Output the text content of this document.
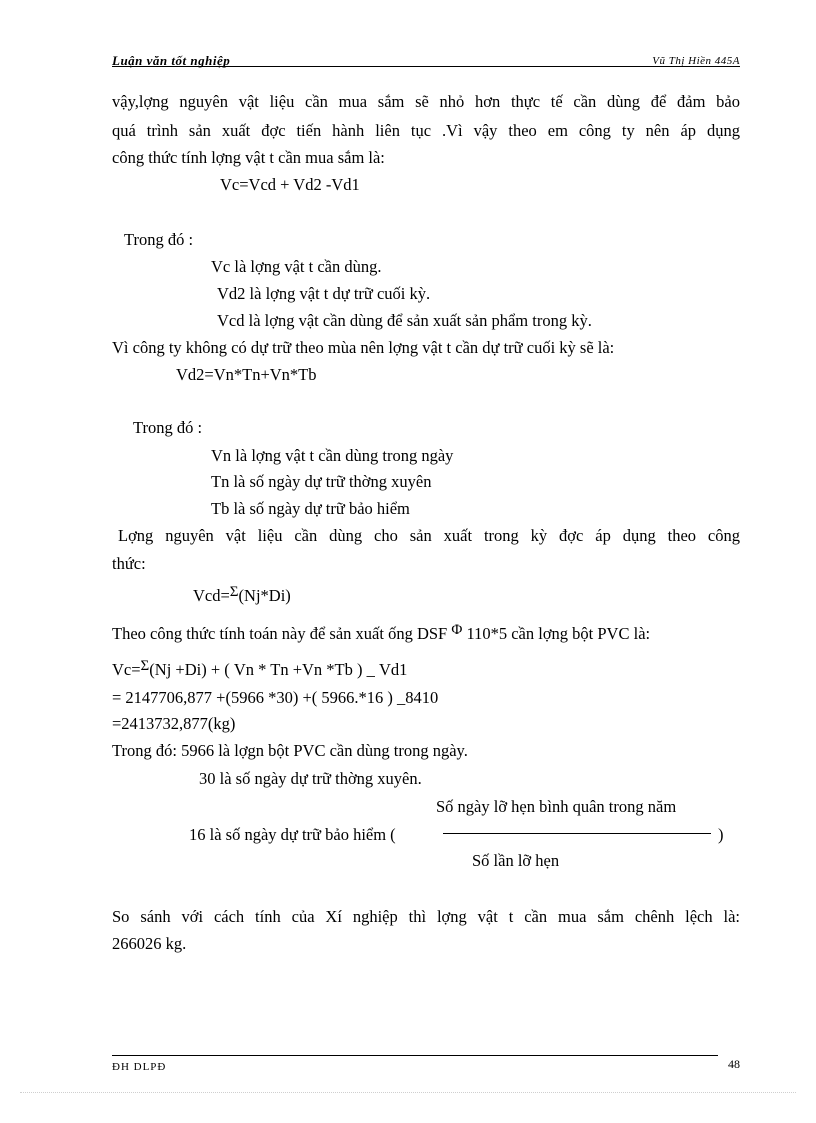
Luận văn tốt nghiệp	Vũ Thị Hiền 445A
vậy,lợng nguyên vật liệu cần mua sắm sẽ nhỏ hơn thực tế cần dùng để đảm bảo
quá trình sản xuất đợc tiến hành liên tục .Vì vậy theo em công ty nên áp dụng
công thức tính lợng vật t cần mua sắm là:
Vc=Vcd + Vd2 -Vd1
Trong đó :
Vc là lợng vật t cần dùng.
Vd2 là lợng vật t dự trữ cuối kỳ.
Vcd là lợng vật cần dùng để sản xuất sản phẩm trong kỳ.
Vì công ty không có dự trữ theo mùa nên lợng vật t cần dự trữ cuối kỳ sẽ là:
Vd2=Vn*Tn+Vn*Tb
Trong đó :
Vn là lợng vật t cần dùng trong ngày
Tn là số ngày dự trữ thờng xuyên
Tb là số ngày dự trữ bảo hiểm
Lợng nguyên vật liệu cần dùng cho sản xuất trong kỳ đợc áp dụng theo công
thức:
Vcd=Σ(Nj*Di)
Theo công thức tính toán này để sản xuất ống DSF Φ 110*5 cần lợng bột PVC là:
Vc=Σ(Nj +Di) + ( Vn * Tn +Vn *Tb ) _ Vd1
= 2147706,877 +(5966 *30) +( 5966.*16 ) _8410
=2413732,877(kg)
Trong đó: 5966 là lợgn bột PVC cần dùng trong ngày.
30 là số ngày dự trữ thờng xuyên.
Số ngày lỡ hẹn bình quân trong năm
16 là số ngày dự trữ bảo hiểm (	)
Số lần lỡ hẹn
So sánh với cách tính của Xí nghiệp thì lợng vật t cần mua sắm chênh lệch là:
266026 kg.
ĐH DLPĐ	48
